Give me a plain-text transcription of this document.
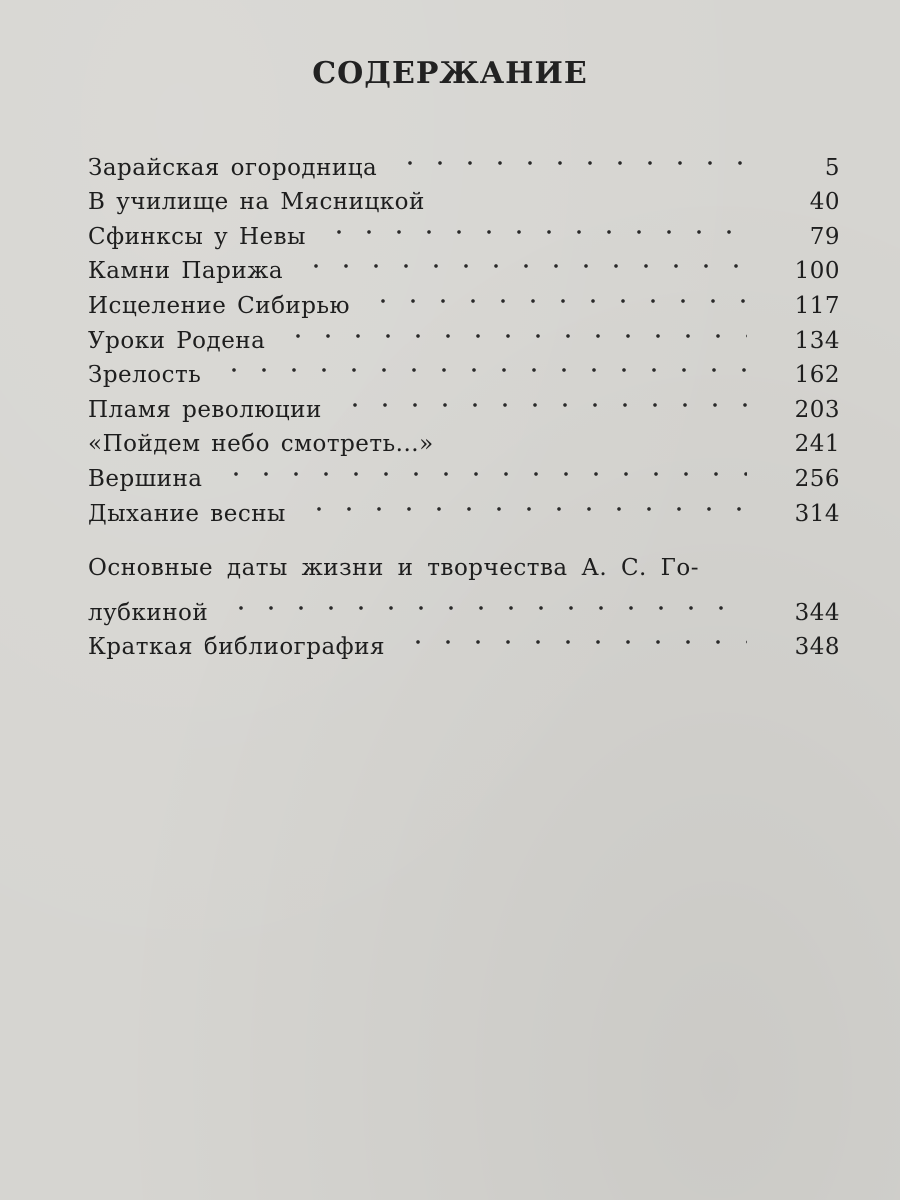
СОДЕРЖАНИЕ
Зарайская огородница	5
В училище на Мясницкой	40
Сфинксы у Невы	79
Камни Парижа	100
Исцеление Сибирью	117
Уроки Родена	134
Зрелость	162
Пламя революции	203
«Пойдем небо смотреть...»	241
Вершина	256
Дыхание весны	314
Основные даты жизни и творчества А. С. Го-
лубкиной	344
Краткая библиография	348
